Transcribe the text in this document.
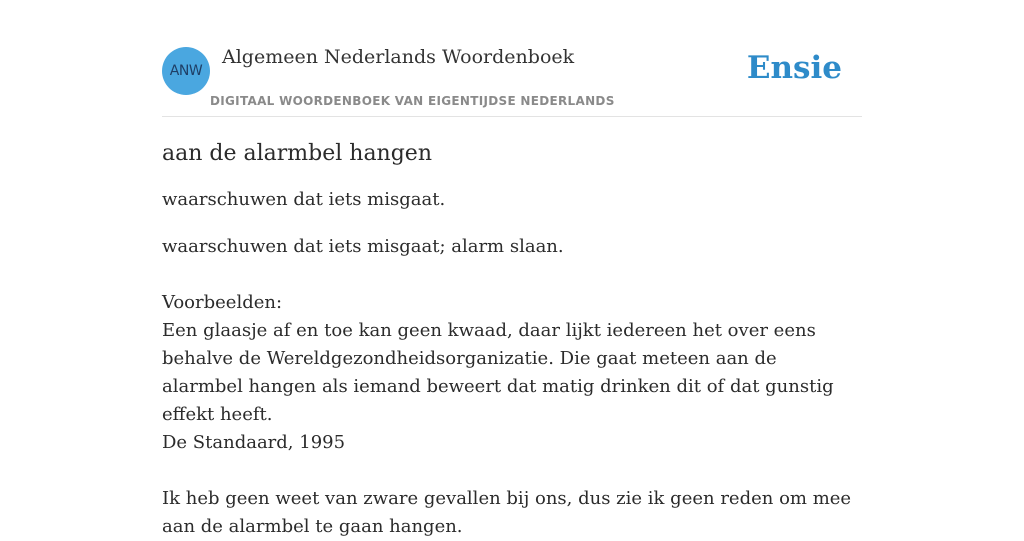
ANW
Algemeen Nederlands Woordenboek
DIGITAAL WOORDENBOEK VAN EIGENTIJDSE NEDERLANDS
Ensie
aan de alarmbel hangen

waarschuwen dat iets misgaat.

waarschuwen dat iets misgaat; alarm slaan.

Voorbeelden:

Een glaasje af en toe kan geen kwaad, daar lijkt iedereen het over eens behalve de Wereldgezondheidsorganizatie. Die gaat meteen aan de alarmbel hangen als iemand beweert dat matig drinken dit of dat gunstig effekt heeft.

De Standaard, 1995

Ik heb geen weet van zware gevallen bij ons, dus zie ik geen reden om mee aan de alarmbel te gaan hangen.
